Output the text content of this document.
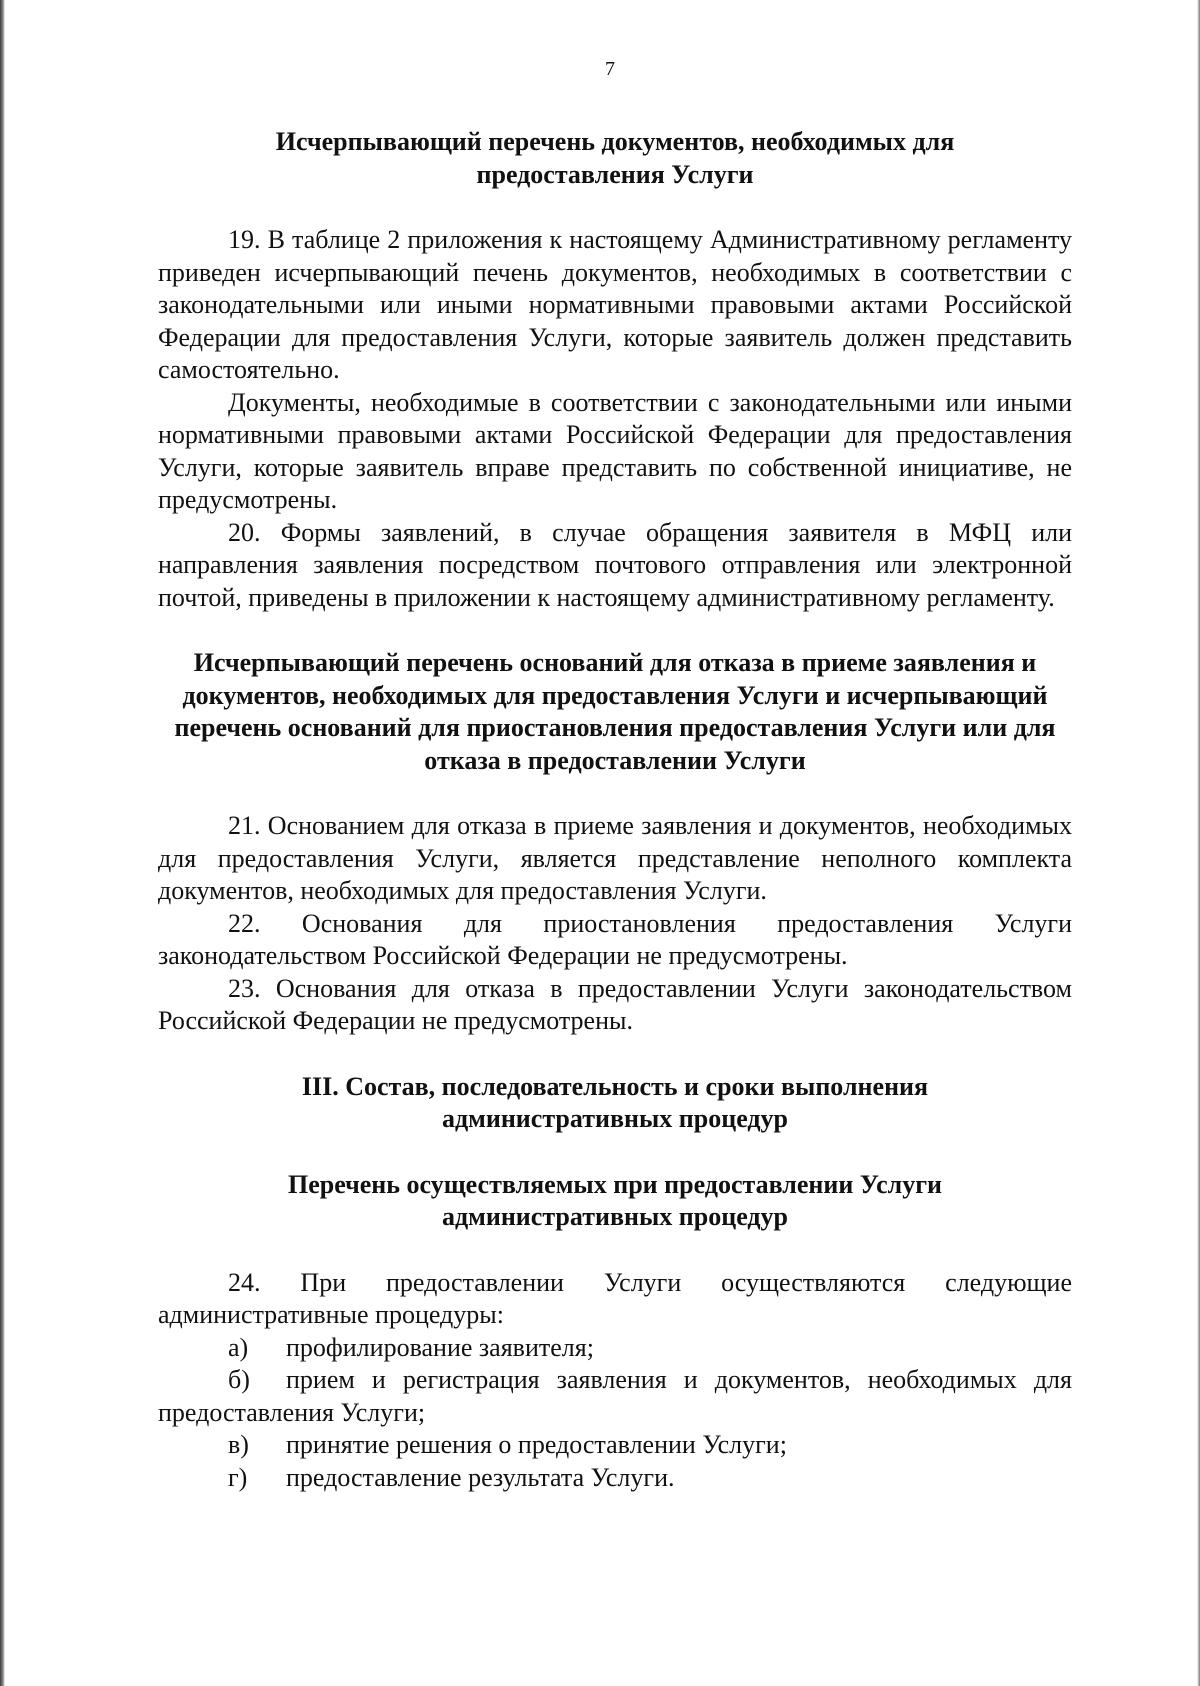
7

Исчерпывающий перечень документов, необходимых для предоставления Услуги

19. В таблице 2 приложения к настоящему Административному регламенту приведен исчерпывающий печень документов, необходимых в соответствии с законодательными или иными нормативными правовыми актами Российской Федерации для предоставления Услуги, которые заявитель должен представить самостоятельно.

Документы, необходимые в соответствии с законодательными или иными нормативными правовыми актами Российской Федерации для предоставления Услуги, которые заявитель вправе представить по собственной инициативе, не предусмотрены.

20. Формы заявлений, в случае обращения заявителя в МФЦ или направления заявления посредством почтового отправления или электронной почтой, приведены в приложении к настоящему административному регламенту.

Исчерпывающий перечень оснований для отказа в приеме заявления и документов, необходимых для предоставления Услуги и исчерпывающий перечень оснований для приостановления предоставления Услуги или для отказа в предоставлении Услуги

21. Основанием для отказа в приеме заявления и документов, необходимых для предоставления Услуги, является представление неполного комплекта документов, необходимых для предоставления Услуги.

22. Основания для приостановления предоставления Услуги законодательством Российской Федерации не предусмотрены.

23. Основания для отказа в предоставлении Услуги законодательством Российской Федерации не предусмотрены.

III. Состав, последовательность и сроки выполнения административных процедур

Перечень осуществляемых при предоставлении Услуги административных процедур

24. При предоставлении Услуги осуществляются следующие административные процедуры:

а) профилирование заявителя;

б) прием и регистрация заявления и документов, необходимых для предоставления Услуги;

в) принятие решения о предоставлении Услуги;

г) предоставление результата Услуги.
